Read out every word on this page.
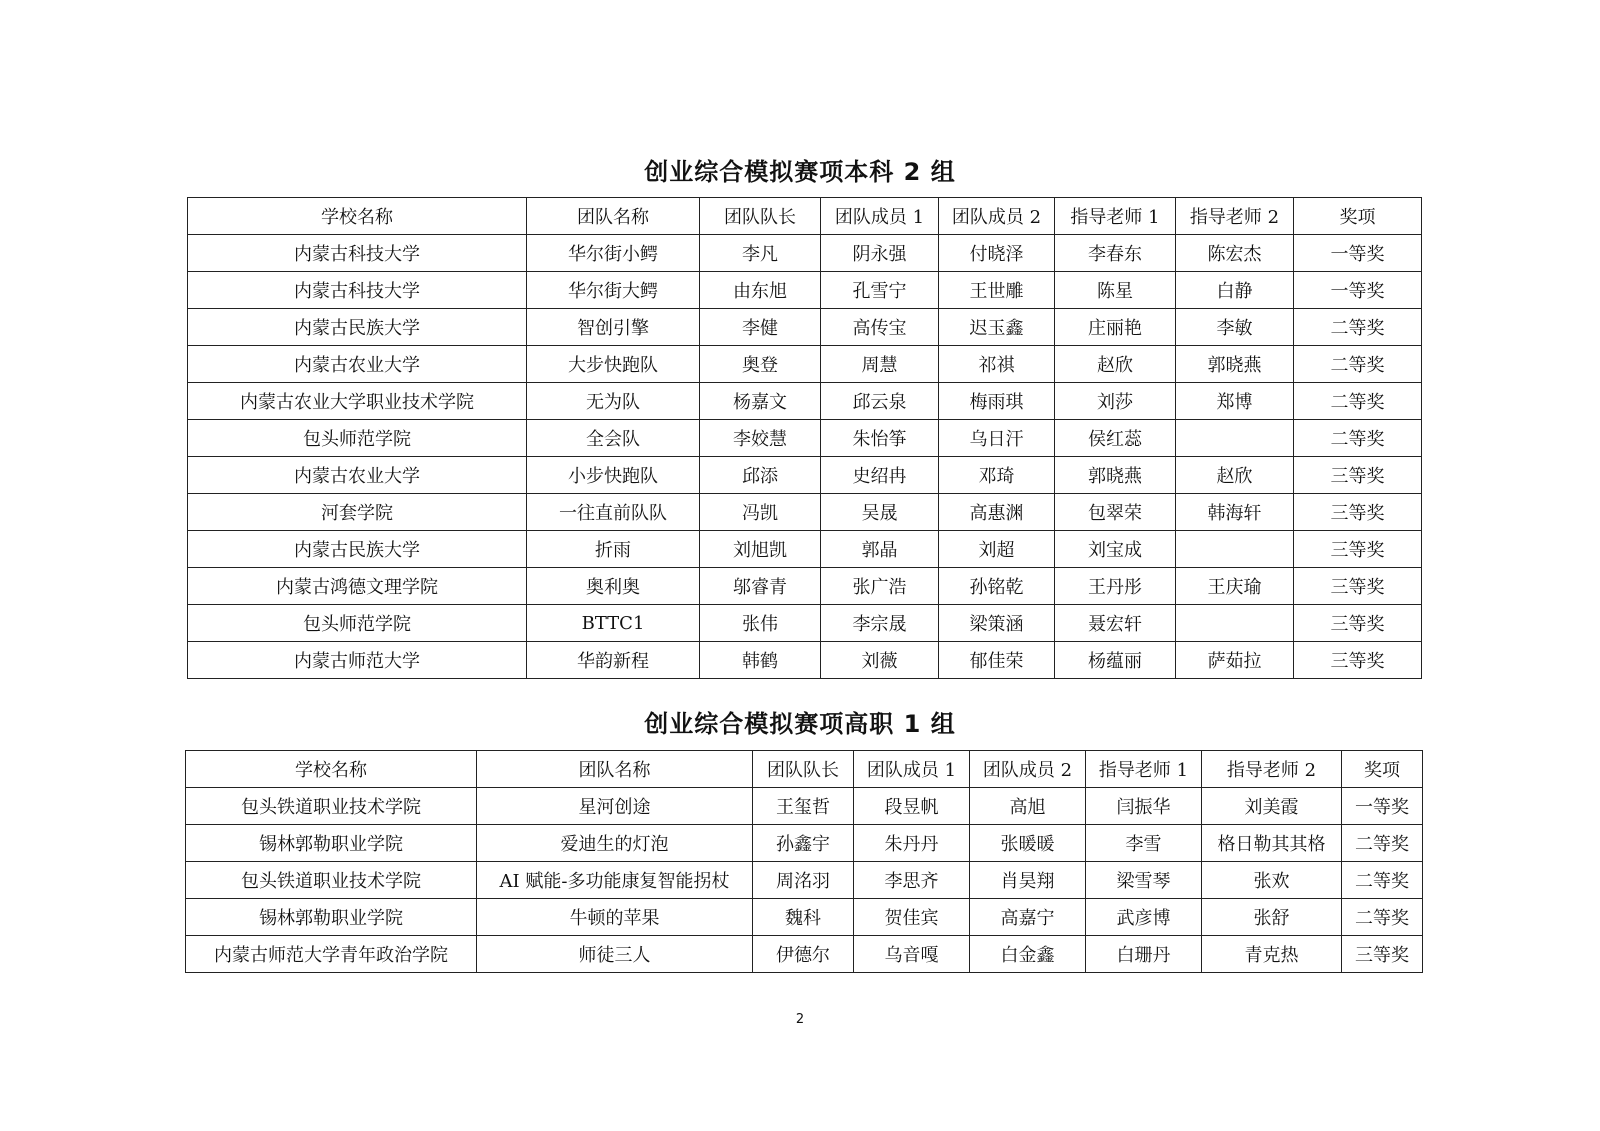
创业综合模拟赛项本科 2 组
学校名称	团队名称	团队队长	团队成员 1	团队成员 2	指导老师 1	指导老师 2	奖项
内蒙古科技大学	华尔街小鳄	李凡	阴永强	付晓泽	李春东	陈宏杰	一等奖
内蒙古科技大学	华尔街大鳄	由东旭	孔雪宁	王世雕	陈星	白静	一等奖
内蒙古民族大学	智创引擎	李健	高传宝	迟玉鑫	庄丽艳	李敏	二等奖
内蒙古农业大学	大步快跑队	奥登	周慧	祁祺	赵欣	郭晓燕	二等奖
内蒙古农业大学职业技术学院	无为队	杨嘉文	邱云泉	梅雨琪	刘莎	郑博	二等奖
包头师范学院	全会队	李姣慧	朱怡筝	乌日汗	侯红蕊		二等奖
内蒙古农业大学	小步快跑队	邱添	史绍冉	邓琦	郭晓燕	赵欣	三等奖
河套学院	一往直前队队	冯凯	吴晟	高惠渊	包翠荣	韩海轩	三等奖
内蒙古民族大学	折雨	刘旭凯	郭晶	刘超	刘宝成		三等奖
内蒙古鸿德文理学院	奥利奥	邬睿青	张广浩	孙铭乾	王丹彤	王庆瑜	三等奖
包头师范学院	BTTC1	张伟	李宗晟	梁策涵	聂宏轩		三等奖
内蒙古师范大学	华韵新程	韩鹤	刘薇	郁佳荣	杨蕴丽	萨茹拉	三等奖
创业综合模拟赛项高职 1 组
学校名称	团队名称	团队队长	团队成员 1	团队成员 2	指导老师 1	指导老师 2	奖项
包头铁道职业技术学院	星河创途	王玺哲	段昱帆	高旭	闫振华	刘美霞	一等奖
锡林郭勒职业学院	爱迪生的灯泡	孙鑫宇	朱丹丹	张暖暖	李雪	格日勒其其格	二等奖
包头铁道职业技术学院	AI 赋能-多功能康复智能拐杖	周洺羽	李思齐	肖昊翔	梁雪琴	张欢	二等奖
锡林郭勒职业学院	牛顿的苹果	魏科	贺佳宾	高嘉宁	武彦博	张舒	二等奖
内蒙古师范大学青年政治学院	师徒三人	伊德尔	乌音嘎	白金鑫	白珊丹	青克热	三等奖
2
